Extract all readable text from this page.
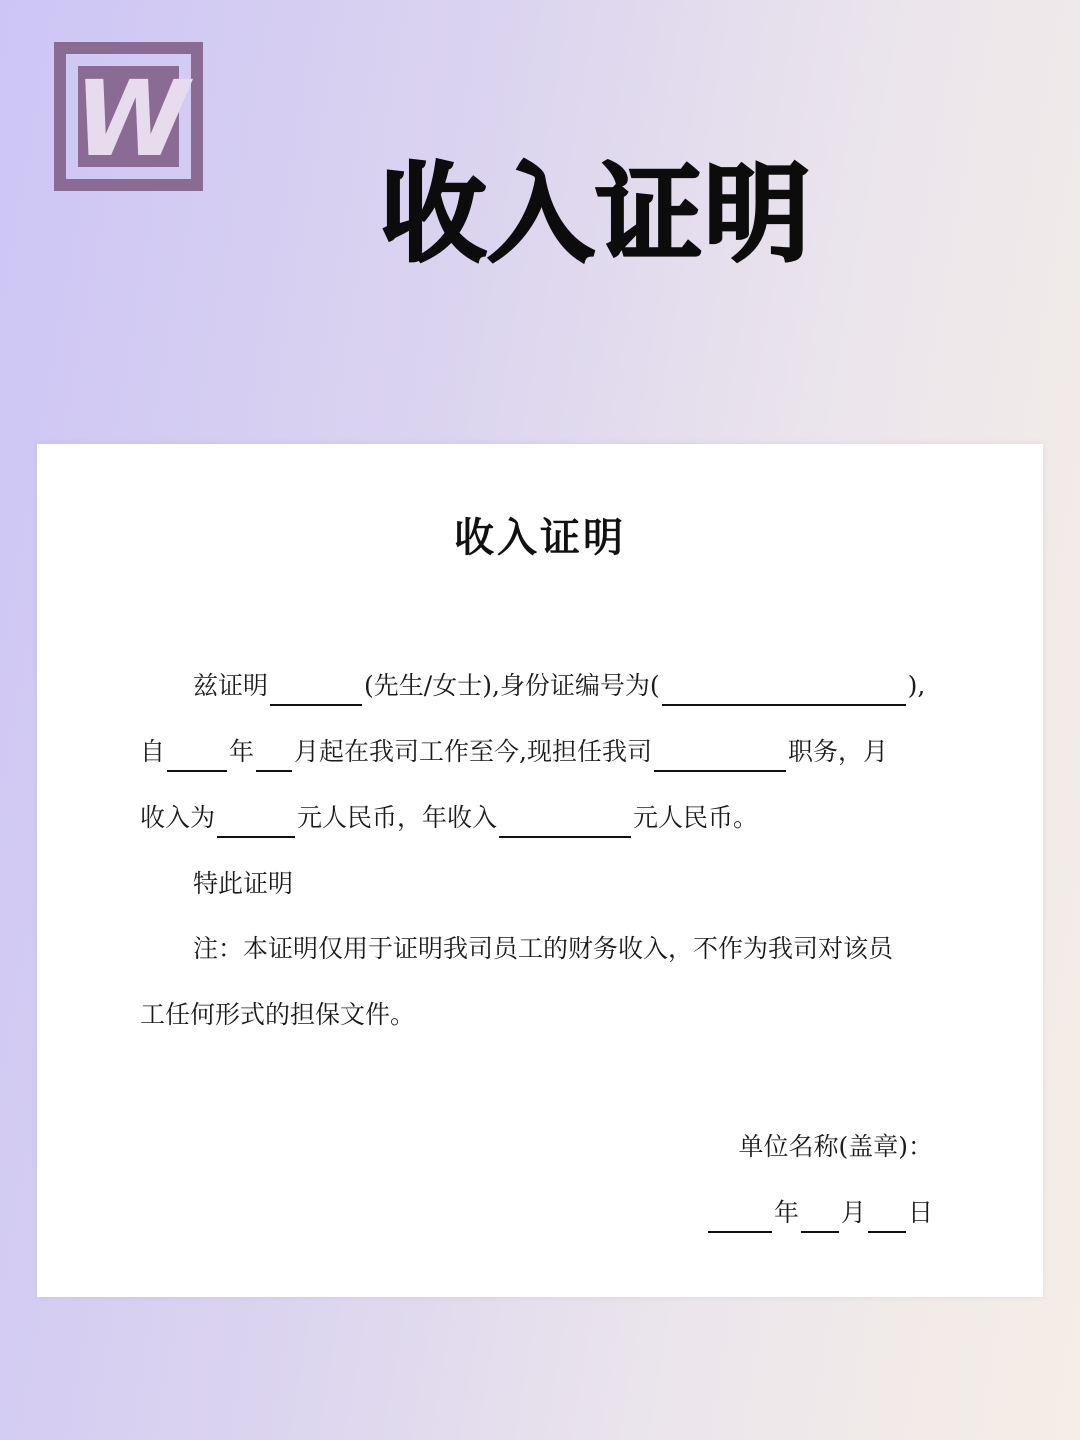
W
收入证明
收入证明
兹证明	(先生/女士),身份证编号为(	),
自	年 月起在我司工作至今,现担任我司	职务，月
收入为	元人民币，年收入	元人民币。
特此证明
注：本证明仅用于证明我司员工的财务收入，不作为我司对该员
工任何形式的担保文件。
单位名称(盖章)：
年 月 日
